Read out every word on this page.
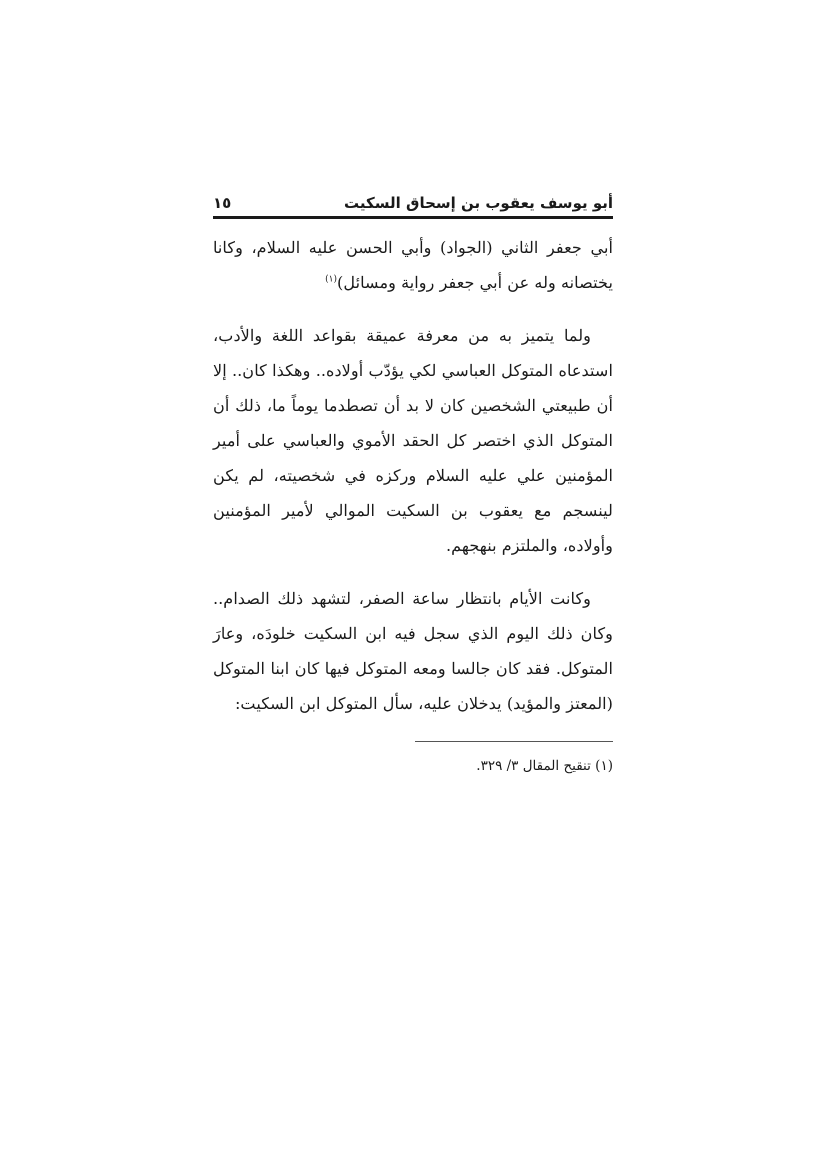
أبو يوسف يعقوب بن إسحاق السكيت
١٥

أبي جعفر الثاني (الجواد) وأبي الحسن عليه السلام، وكانا يختصانه وله عن أبي جعفر رواية ومسائل)$^{(١)}$

ولما يتميز به من معرفة عميقة بقواعد اللغة والأدب، استدعاه المتوكل العباسي لكي يؤدّب أولاده.. وهكذا كان.. إلا أن طبيعتي الشخصين كان لا بد أن تصطدما يوماً ما، ذلك أن المتوكل الذي اختصر كل الحقد الأموي والعباسي على أمير المؤمنين علي عليه السلام وركزه في شخصيته، لم يكن لينسجم مع يعقوب بن السكيت الموالي لأمير المؤمنين وأولاده، والملتزم بنهجهم.

وكانت الأيام بانتظار ساعة الصفر، لتشهد ذلك الصدام.. وكان ذلك اليوم الذي سجل فيه ابن السكيت خلودَه، وعارَ المتوكل. فقد كان جالسا ومعه المتوكل فيها كان ابنا المتوكل (المعتز والمؤيد) يدخلان عليه، سأل المتوكل ابن السكيت:

(١) تنقيح المقال ٣/ ٣٢٩.
